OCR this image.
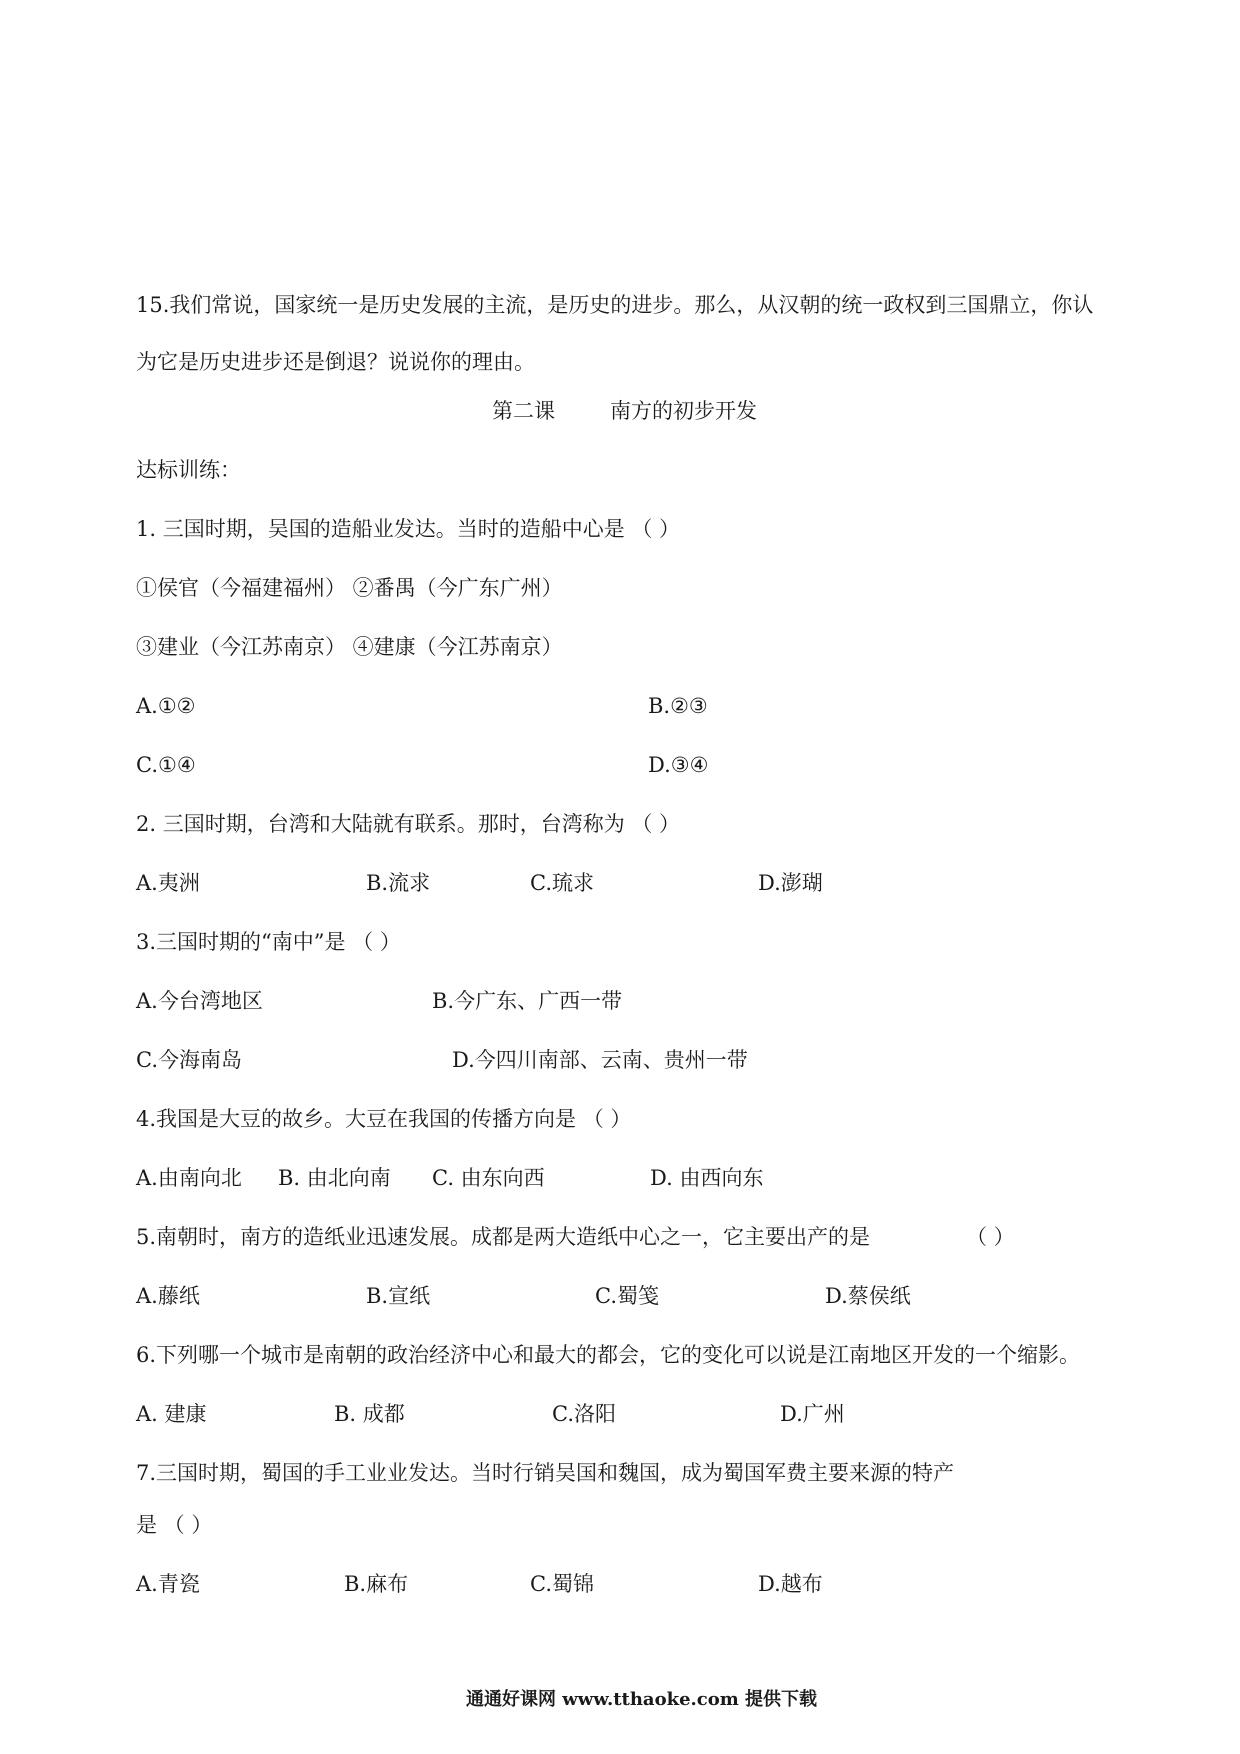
15.我们常说，国家统一是历史发展的主流，是历史的进步。那么，从汉朝的统一政权到三国鼎立，你认
为它是历史进步还是倒退？说说你的理由。
第二课	南方的初步开发
达标训练：
1. 三国时期，吴国的造船业发达。当时的造船中心是 （ ）
①侯官（今福建福州） ②番禺（今广东广州）
③建业（今江苏南京） ④建康（今江苏南京）
A.①②	B.②③
C.①④	D.③④
2. 三国时期，台湾和大陆就有联系。那时，台湾称为 （ ）
A.夷洲	B.流求	C.琉求	D.澎瑚
3.三国时期的“南中”是 （ ）
A.今台湾地区	B.今广东、广西一带
C.今海南岛	D.今四川南部、云南、贵州一带
4.我国是大豆的故乡。大豆在我国的传播方向是 （ ）
A.由南向北 B. 由北向南 C. 由东向西	D. 由西向东
5.南朝时，南方的造纸业迅速发展。成都是两大造纸中心之一，它主要出产的是	（ ）
A.藤纸	B.宣纸	C.蜀笺	D.蔡侯纸
6.下列哪一个城市是南朝的政治经济中心和最大的都会，它的变化可以说是江南地区开发的一个缩影。
A. 建康	B. 成都	C.洛阳	D.广州
7.三国时期，蜀国的手工业业发达。当时行销吴国和魏国，成为蜀国军费主要来源的特产
是 （ ）
A.青瓷	B.麻布	C.蜀锦	D.越布
通通好课网 www.tthaoke.com 提供下载
